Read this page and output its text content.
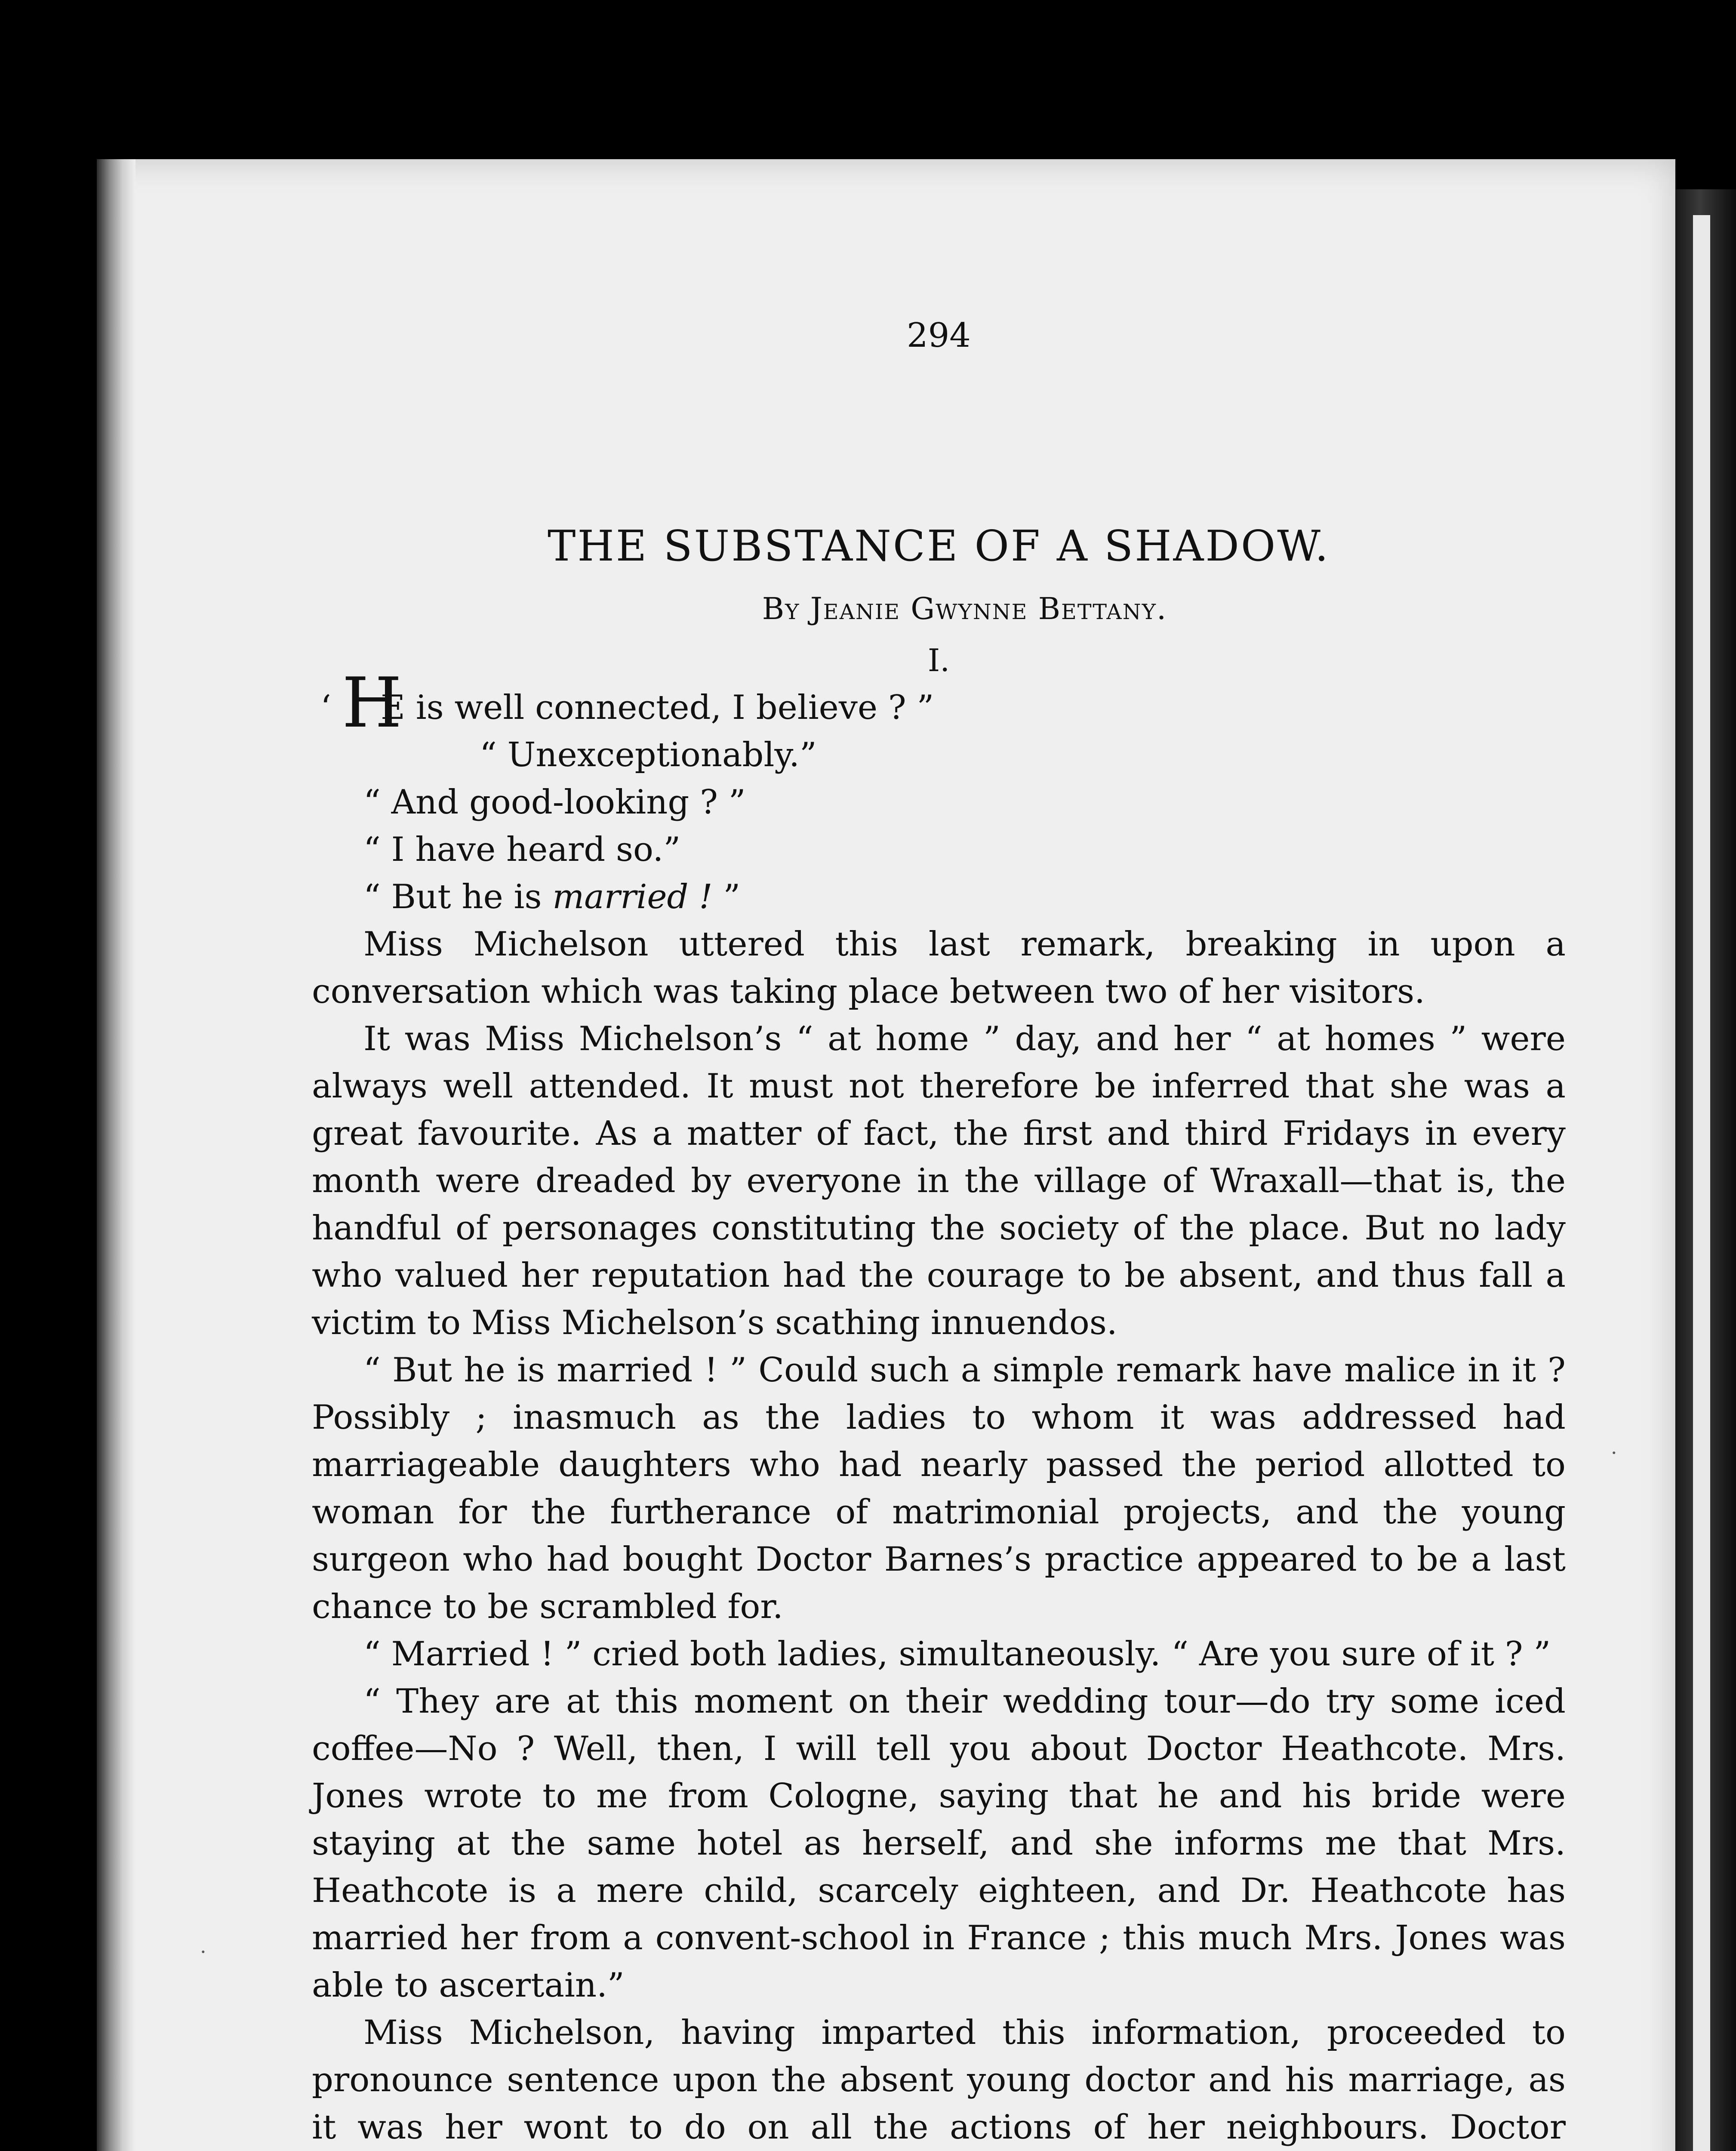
·
·
294
THE SUBSTANCE OF A SHADOW.
By Jeanie Gwynne Bettany.
I.

‘ H
E is well connected, I believe ? ”

“ Unexceptionably.”

“ And good-looking ? ”

“ I have heard so.”

“ But he is married ! ”

Miss Michelson uttered this last remark, breaking in upon a conversation which was taking place between two of her visitors.

It was Miss Michelson’s “ at home ” day, and her “ at homes ” were always well attended. It must not therefore be inferred that she was a great favourite. As a matter of fact, the first and third Fridays in every month were dreaded by everyone in the village of Wraxall—that is, the handful of personages constituting the society of the place. But no lady who valued her reputation had the courage to be absent, and thus fall a victim to Miss Michelson’s scathing innuendos.

“ But he is married ! ” Could such a simple remark have malice in it ? Possibly ; inasmuch as the ladies to whom it was addressed had marriageable daughters who had nearly passed the period allotted to woman for the furtherance of matrimonial projects, and the young surgeon who had bought Doctor Barnes’s practice appeared to be a last chance to be scrambled for.

“ Married ! ” cried both ladies, simultaneously. “ Are you sure of it ? ”

“ They are at this moment on their wedding tour—do try some iced coffee—No ? Well, then, I will tell you about Doctor Heathcote. Mrs. Jones wrote to me from Cologne, saying that he and his bride were staying at the same hotel as herself, and she informs me that Mrs. Heathcote is a mere child, scarcely eighteen, and Dr. Heathcote has married her from a convent-school in France ; this much Mrs. Jones was able to ascertain.”

Miss Michelson, having imparted this information, proceeded to pronounce sentence upon the absent young doctor and his marriage, as it was her wont to do on all the actions of her neighbours. Doctor
